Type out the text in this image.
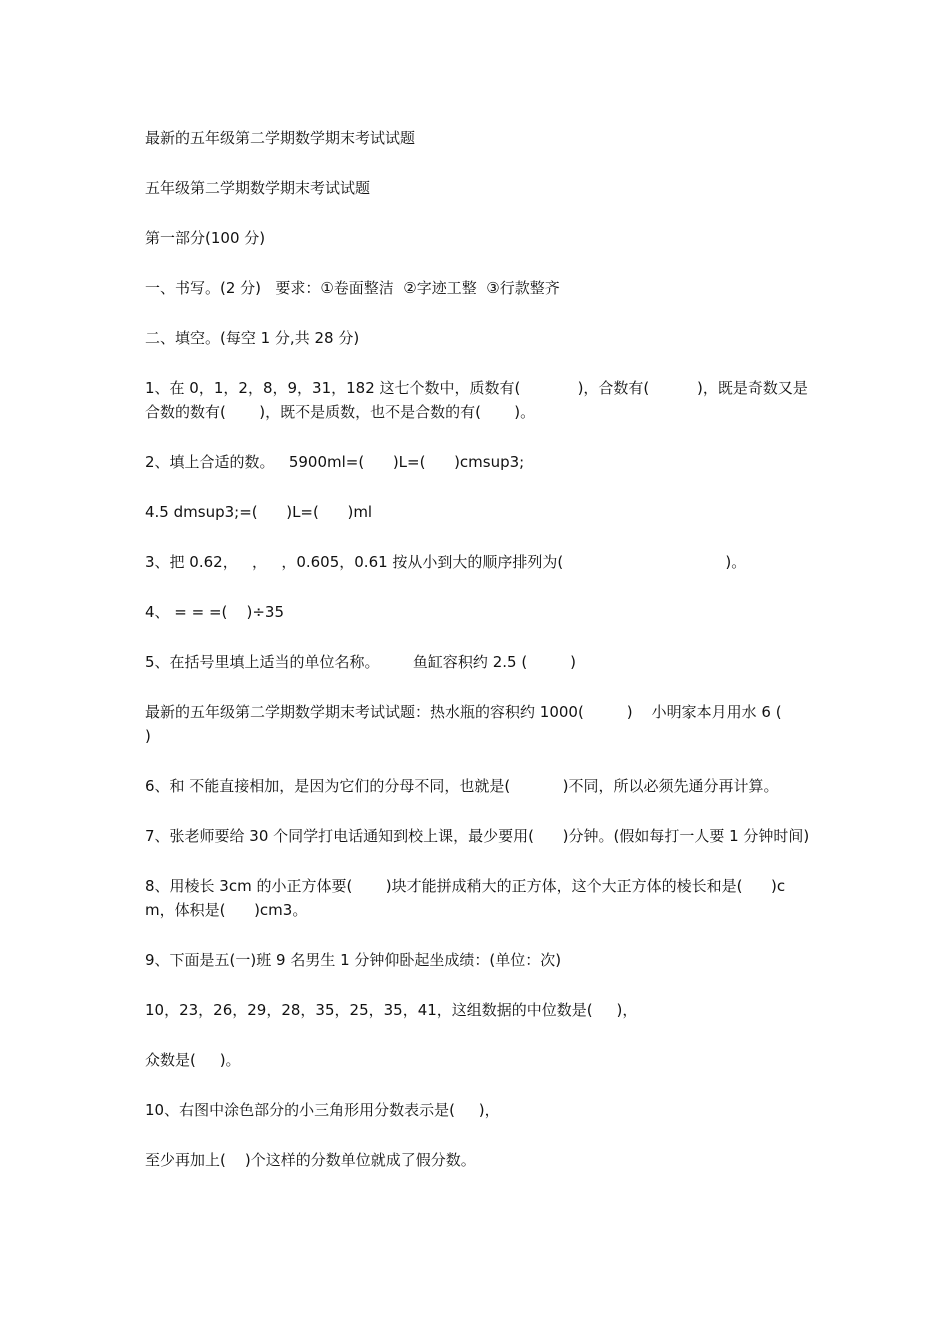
最新的五年级第二学期数学期末考试试题

五年级第二学期数学期末考试试题

第一部分(100 分)

一、书写。(2 分)   要求：①卷面整洁  ②字迹工整  ③行款整齐

二、填空。(每空 1 分,共 28 分)

1、在 0，1，2，8，9，31，182 这七个数中，质数有(            )，合数有(          )，既是奇数又是合数的数有(       )，既不是质数，也不是合数的有(       )。

2、填上合适的数。   5900ml=(      )L=(      )cmsup3;

4.5 dmsup3;=(      )L=(      )ml

3、把 0.62，   ，   ，0.605，0.61 按从小到大的顺序排列为(                                  )。

4、 = = =(    )÷35

5、在括号里填上适当的单位名称。       鱼缸容积约 2.5 (         )

最新的五年级第二学期数学期末考试试题：热水瓶的容积约 1000(         )    小明家本月用水 6 (         )

6、和 不能直接相加，是因为它们的分母不同，也就是(           )不同，所以必须先通分再计算。

7、张老师要给 30 个同学打电话通知到校上课，最少要用(      )分钟。(假如每打一人要 1 分钟时间)

8、用棱长 3cm 的小正方体要(       )块才能拼成稍大的正方体，这个大正方体的棱长和是(      )cm，体积是(      )cm3。

9、下面是五(一)班 9 名男生 1 分钟仰卧起坐成绩：(单位：次)

10，23，26，29，28，35，25，35，41，这组数据的中位数是(     )，

众数是(     )。

10、右图中涂色部分的小三角形用分数表示是(     )，

至少再加上(    )个这样的分数单位就成了假分数。
